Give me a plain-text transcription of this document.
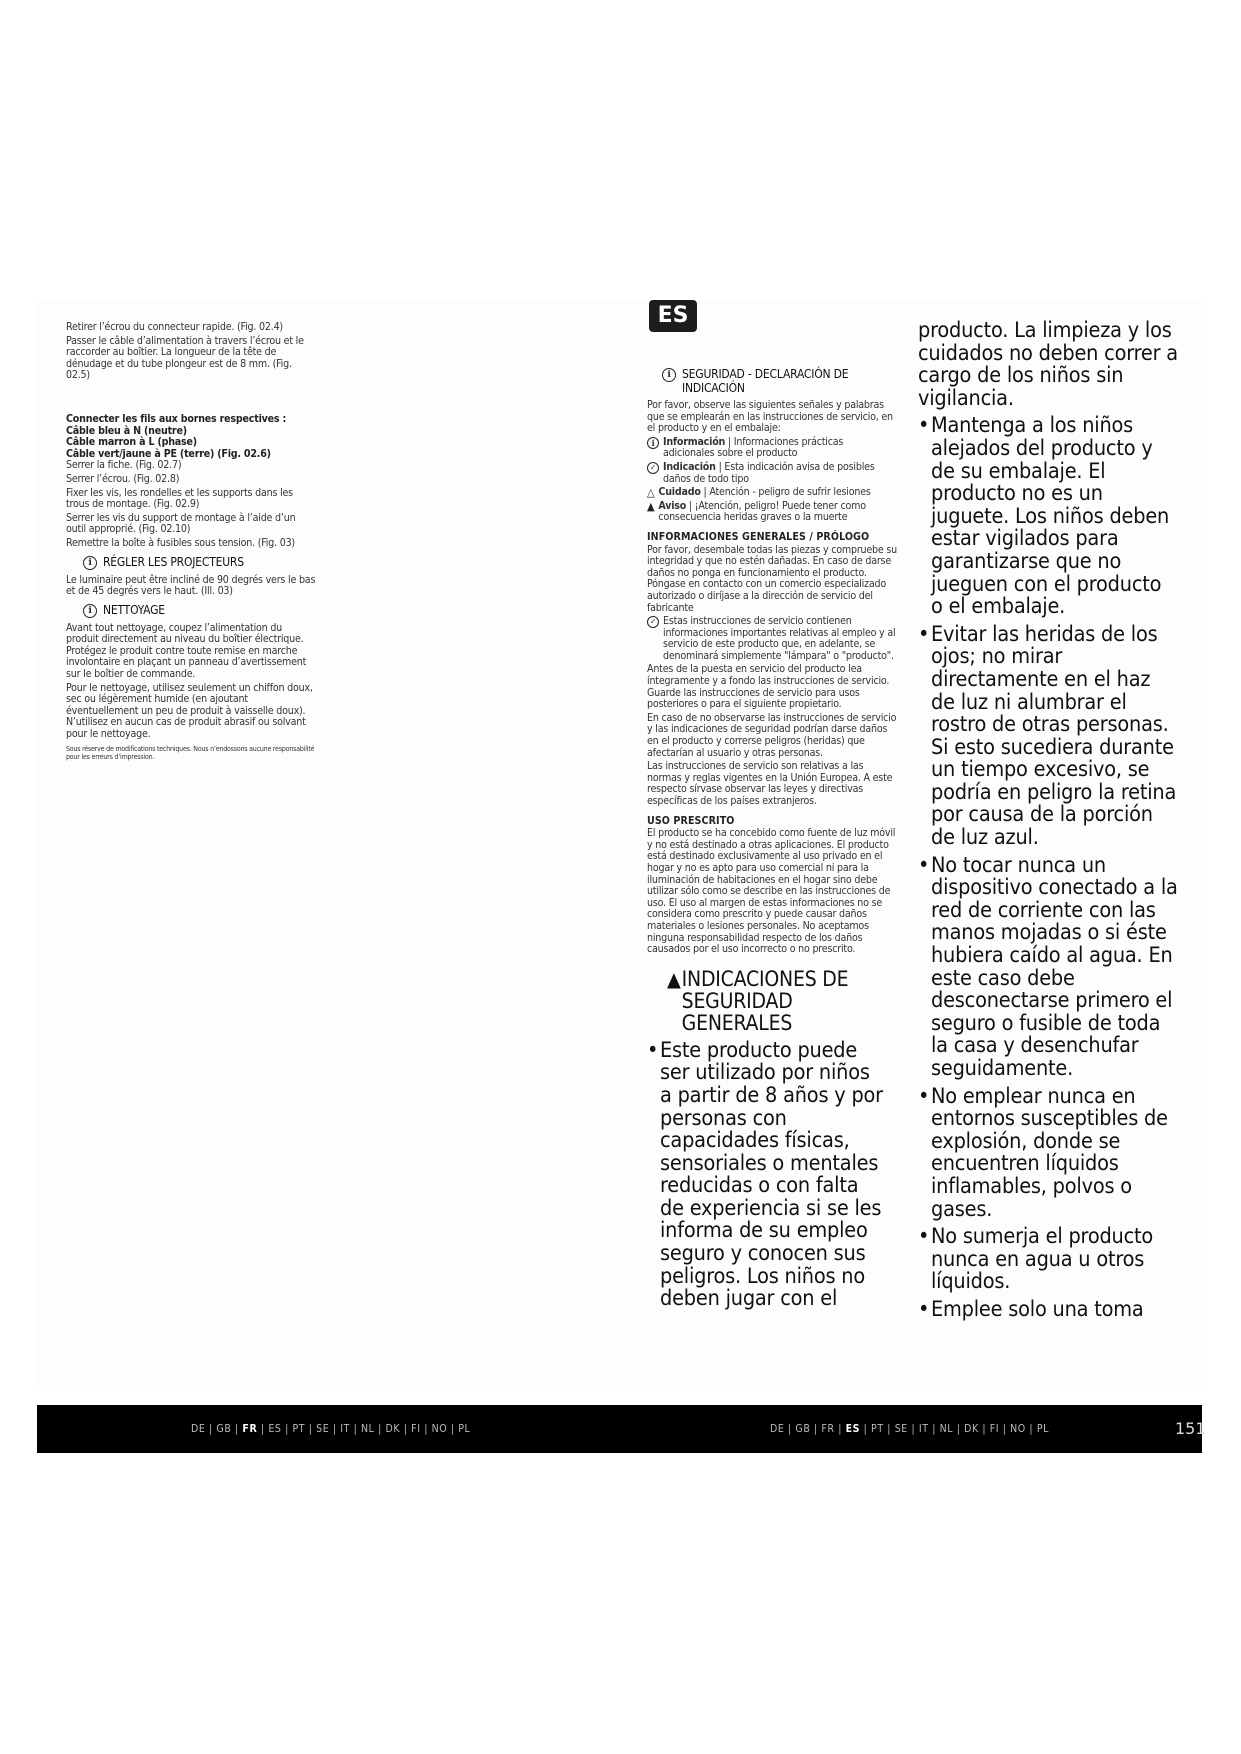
Retirer l’écrou du connecteur rapide. (Fig. 02.4)

Passer le câble d’alimentation à travers l’écrou et le raccorder au boîtier. La longueur de la tête de dénudage et du tube plongeur est de 8 mm. (Fig. 02.5)

Connecter les fils aux bornes respectives :

Câble bleu à N (neutre)

Câble marron à L (phase)

Câble vert/jaune à PE (terre) (Fig. 02.6)

Serrer la fiche. (Fig. 02.7)

Serrer l’écrou. (Fig. 02.8)

Fixer les vis, les rondelles et les supports dans les trous de montage. (Fig. 02.9)

Serrer les vis du support de montage à l’aide d’un outil approprié. (Fig. 02.10)

Remettre la boîte à fusibles sous tension. (Fig. 03)

i RÉGLER LES PROJECTEURS

Le luminaire peut être incliné de 90 degrés vers le bas et de 45 degrés vers le haut. (Ill. 03)

i NETTOYAGE

Avant tout nettoyage, coupez l’alimentation du produit directement au niveau du boîtier électrique. Protégez le produit contre toute remise en marche involontaire en plaçant un panneau d’avertissement sur le boîtier de commande.

Pour le nettoyage, utilisez seulement un chiffon doux, sec ou légèrement humide (en ajoutant éventuellement un peu de produit à vaisselle doux). N’utilisez en aucun cas de produit abrasif ou solvant pour le nettoyage.

Sous réserve de modifications techniques. Nous n’endossons aucune responsabilité pour les erreurs d’impression.

ES
i SEGURIDAD - DECLARACIÓN DE INDICACIÓN

Por favor, observe las siguientes señales y palabras que se emplearán en las instrucciones de servicio, en el producto y en el embalaje:

i Información | Informaciones prácticas adicionales sobre el producto
✓ Indicación | Esta indicación avisa de posibles daños de todo tipo
△ Cuidado | Atención - peligro de sufrir lesiones
▲ Aviso | ¡Atención, peligro! Puede tener como consecuencia heridas graves o la muerte
INFORMACIONES GENERALES / PRÓLOGO

Por favor, desembale todas las piezas y compruebe su integridad y que no estén dañadas. En caso de darse daños no ponga en funcionamiento el producto. Póngase en contacto con un comercio especializado autorizado o diríjase a la dirección de servicio del fabricante

✓ Estas instrucciones de servicio contienen informaciones importantes relativas al empleo y al servicio de este producto que, en adelante, se denominará simplemente "lámpara" o "producto".

Antes de la puesta en servicio del producto lea íntegramente y a fondo las instrucciones de servicio. Guarde las instrucciones de servicio para usos posteriores o para el siguiente propietario.

En caso de no observarse las instrucciones de servicio y las indicaciones de seguridad podrían darse daños en el producto y correrse peligros (heridas) que afectarían al usuario y otras personas.

Las instrucciones de servicio son relativas a las normas y reglas vigentes en la Unión Europea. A este respecto sírvase observar las leyes y directivas específicas de los países extranjeros.

USO PRESCRITO

El producto se ha concebido como fuente de luz móvil y no está destinado a otras aplicaciones. El producto está destinado exclusivamente al uso privado en el hogar y no es apto para uso comercial ni para la iluminación de habitaciones en el hogar sino debe utilizar sólo como se describe en las instrucciones de uso. El uso al margen de estas informaciones no se considera como prescrito y puede causar daños materiales o lesiones personales. No aceptamos ninguna responsabilidad respecto de los daños causados por el uso incorrecto o no prescrito.

▲ INDICACIONES DE SEGURIDAD GENERALES
• Este producto puede ser utilizado por niños a partir de 8 años y por personas con capacidades físicas, sensoriales o mentales reducidas o con falta de experiencia si se les informa de su empleo seguro y conocen sus peligros. Los niños no deben jugar con el
producto. La limpieza y los cuidados no deben correr a cargo de los niños sin vigilancia.
• Mantenga a los niños alejados del producto y de su embalaje. El producto no es un juguete. Los niños deben estar vigilados para garantizarse que no jueguen con el producto o el embalaje.
• Evitar las heridas de los ojos; no mirar directamente en el haz de luz ni alumbrar el rostro de otras personas. Si esto sucediera durante un tiempo excesivo, se podría en peligro la retina por causa de la porción de luz azul.
• No tocar nunca un dispositivo conectado a la red de corriente con las manos mojadas o si éste hubiera caído al agua. En este caso debe desconectarse primero el seguro o fusible de toda la casa y desenchufar seguidamente.
• No emplear nunca en entornos susceptibles de explosión, donde se encuentren líquidos inflamables, polvos o gases.
• No sumerja el producto nunca en agua u otros líquidos.
• Emplee solo una toma
DE | GB | FR | ES | PT | SE | IT | NL | DK | FI | NO | PL	DE | GB | FR | ES | PT | SE | IT | NL | DK | FI | NO | PL	151
